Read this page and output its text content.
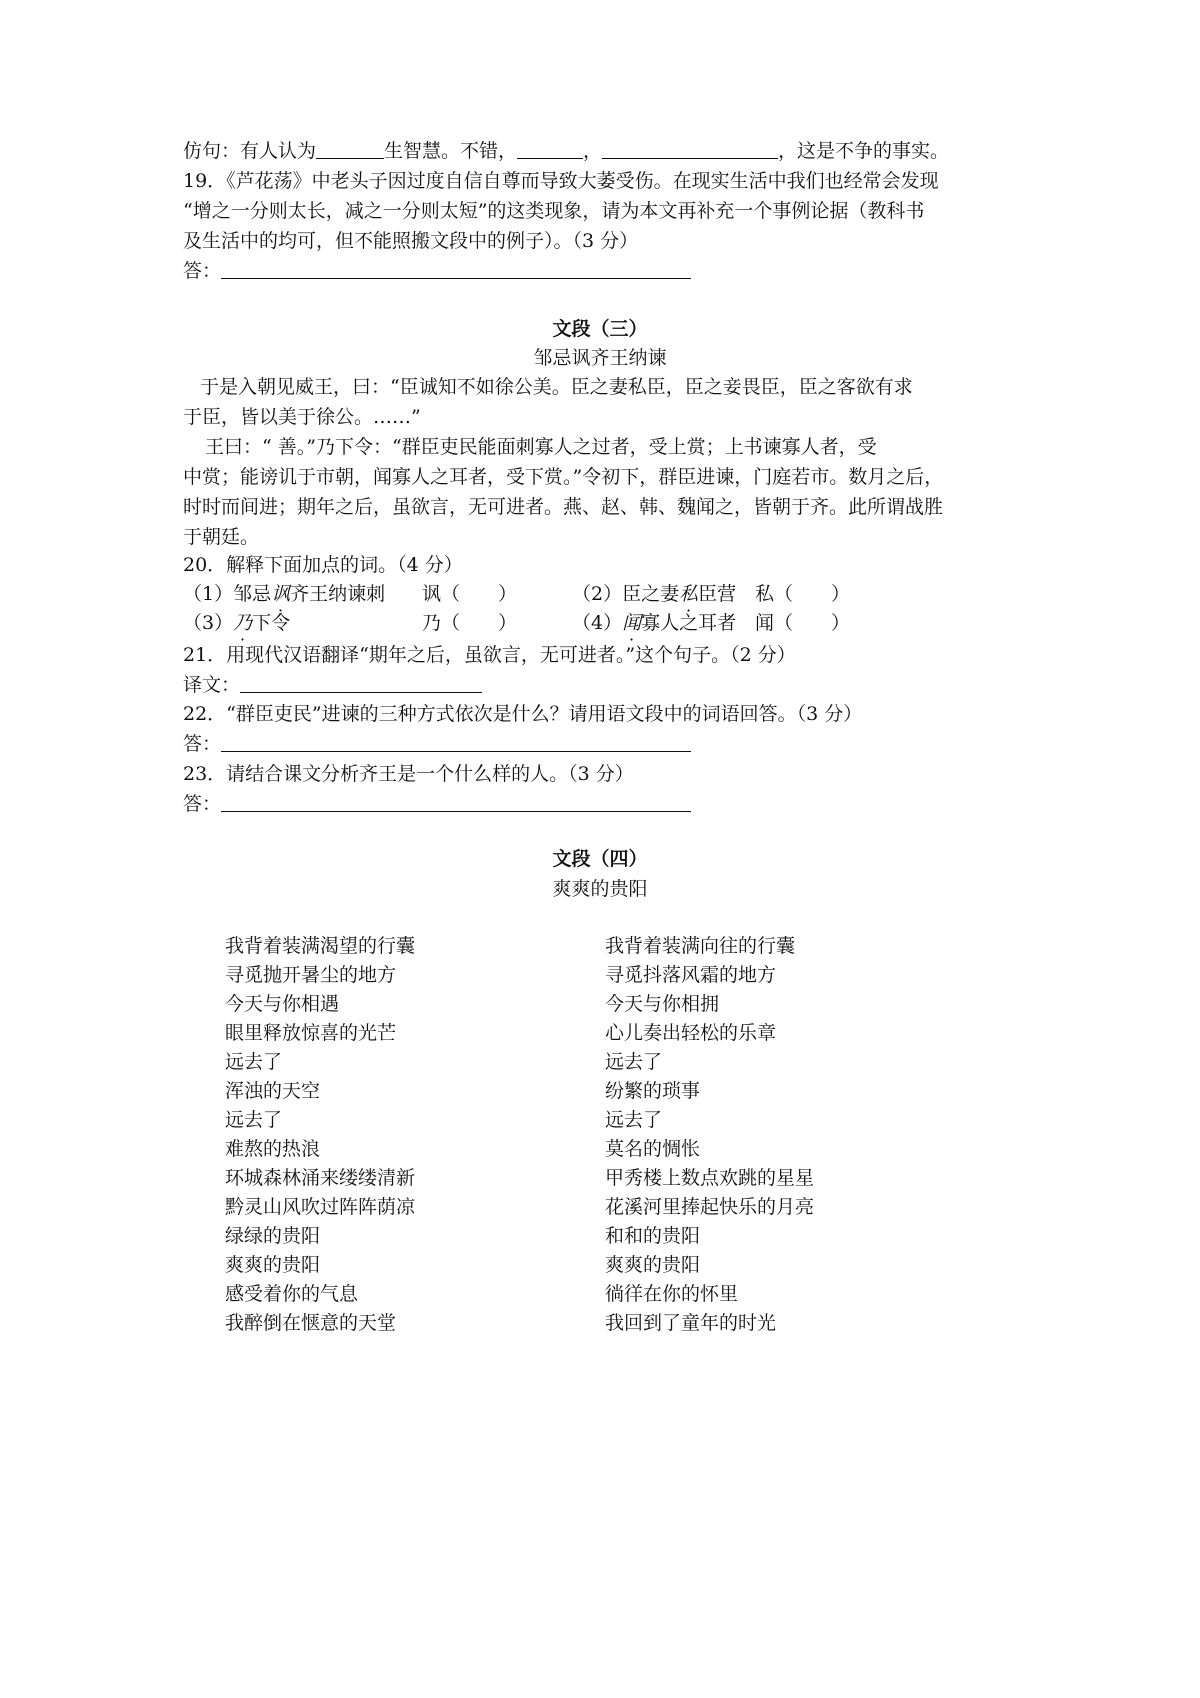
仿句：有人认为	生智慧。不错，	，	，这是不争的事实。
19．《芦花荡》中老头子因过度自信自尊而导致大萎受伤。在现实生活中我们也经常会发现
“增之一分则太长，减之一分则太短”的这类现象，请为本文再补充一个事例论据（教科书
及生活中的均可，但不能照搬文段中的例子）。（3 分）
答：
文段（三）
邹忌讽齐王纳谏
于是入朝见威王，曰：“臣诚知不如徐公美。臣之妻私臣，臣之妾畏臣，臣之客欲有求
于臣，皆以美于徐公。……”
王曰：“ 善。”乃下令：“群臣吏民能面刺寡人之过者，受上赏；上书谏寡人者，受
中赏；能谤讥于市朝，闻寡人之耳者，受下赏。”令初下，群臣进谏，门庭若市。数月之后，
时时而间进；期年之后，虽欲言，无可进者。燕、赵、韩、魏闻之，皆朝于齐。此所谓战胜
于朝廷。
20．解释下面加点的词。（4 分）
（1）邹忌讽齐王纳谏刺 讽（　　）	（2）臣之妻私臣营 私（　　）
（3）乃下令	乃（　　）	（4）闻寡人之耳者 闻（　　）
21．用现代汉语翻译“期年之后，虽欲言，无可进者。”这个句子。（2 分）
译文：
22．“群臣吏民”进谏的三种方式依次是什么？请用语文段中的词语回答。（3 分）
答：
23．请结合课文分析齐王是一个什么样的人。（3 分）
答：
文段（四）
爽爽的贵阳
我背着装满渴望的行囊
寻觅抛开暑尘的地方
今天与你相遇
眼里释放惊喜的光芒
远去了
浑浊的天空
远去了
难熬的热浪
环城森林涌来缕缕清新
黔灵山风吹过阵阵荫凉
绿绿的贵阳
爽爽的贵阳
感受着你的气息
我醉倒在惬意的天堂
我背着装满向往的行囊
寻觅抖落风霜的地方
今天与你相拥
心儿奏出轻松的乐章
远去了
纷繁的琐事
远去了
莫名的惆怅
甲秀楼上数点欢跳的星星
花溪河里捧起快乐的月亮
和和的贵阳
爽爽的贵阳
徜徉在你的怀里
我回到了童年的时光
